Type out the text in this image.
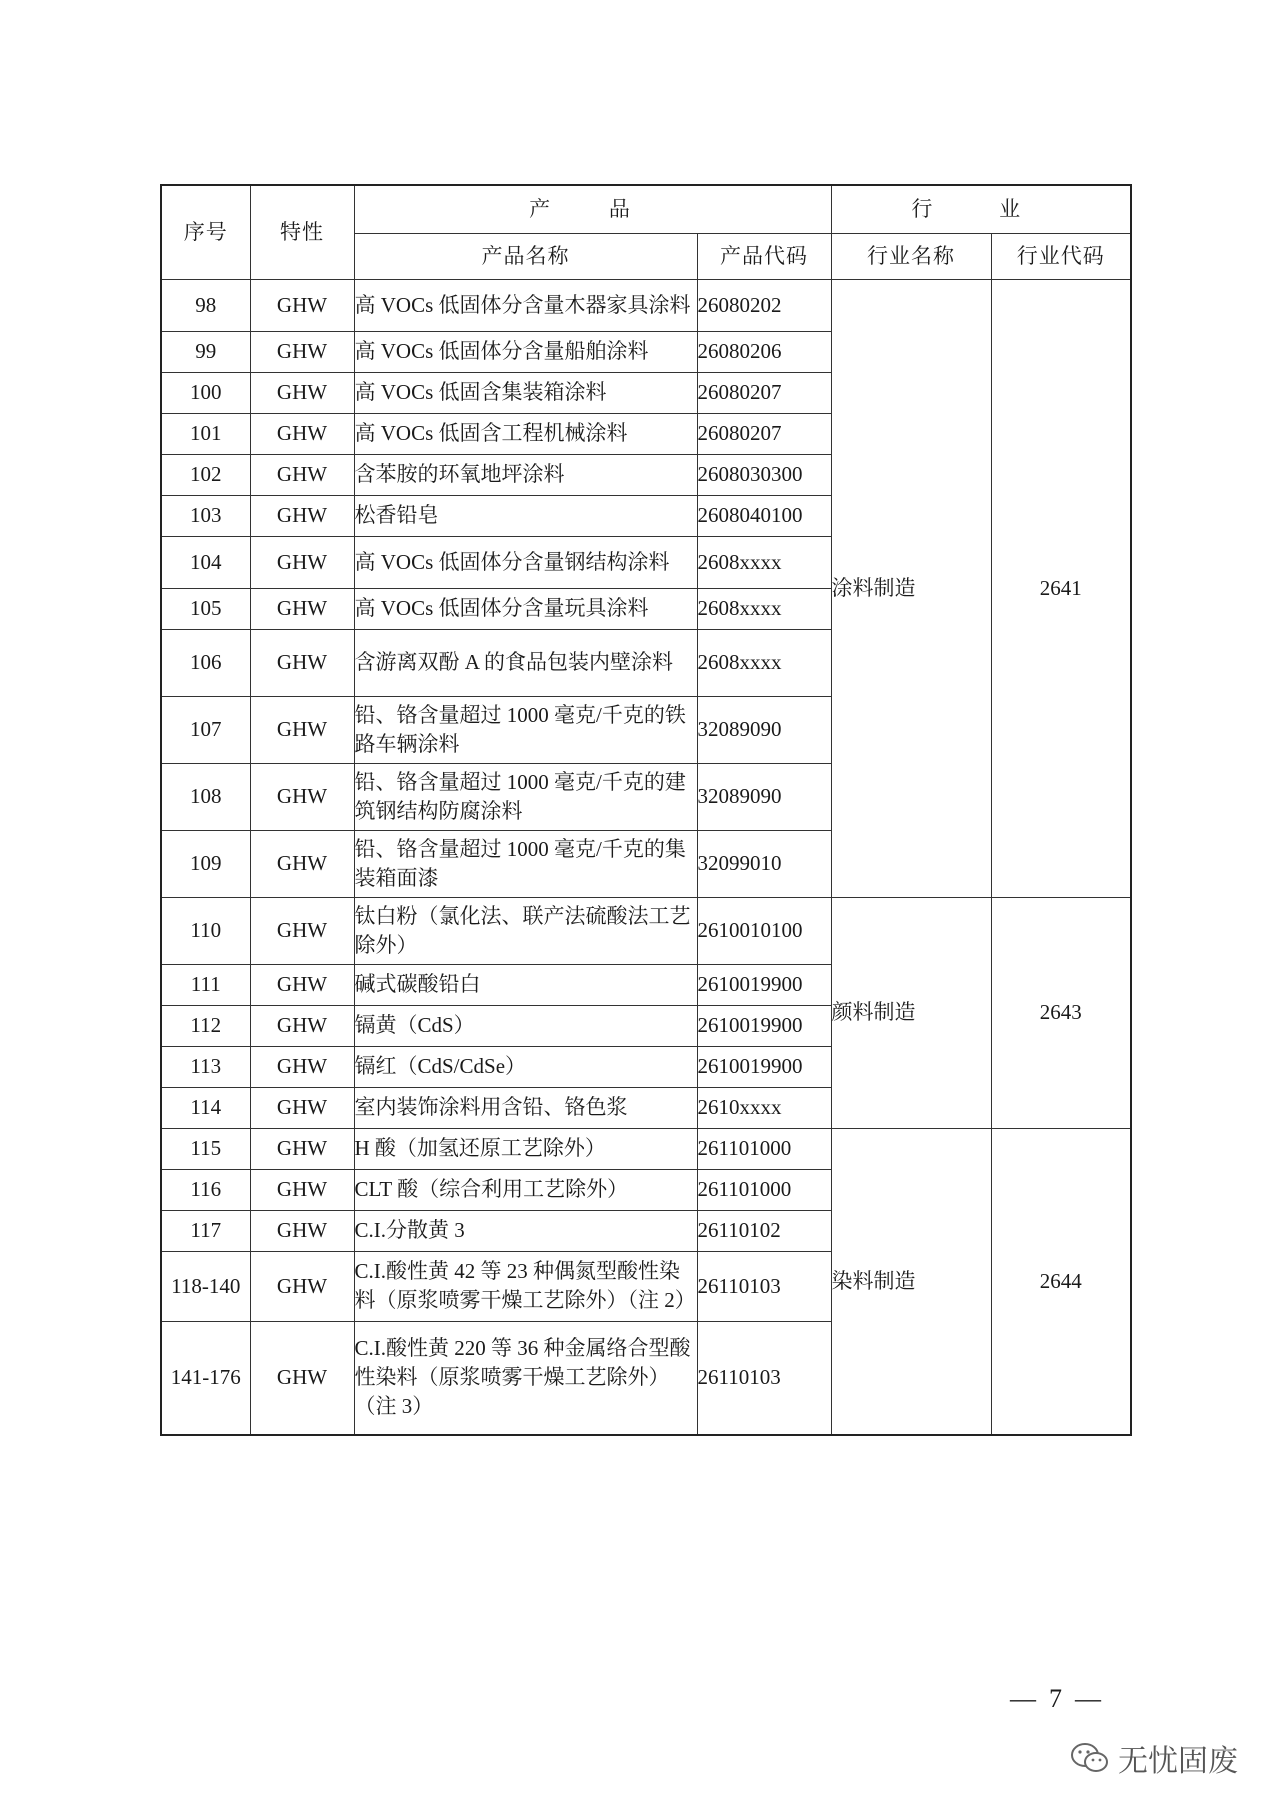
序号	特性	产 品		行 业	
		产品名称	产品代码	行业名称	行业代码
98	GHW	高 VOCs 低固体分含量木器家具涂料	26080202	涂料制造	2641
99	GHW	高 VOCs 低固体分含量船舶涂料	26080206		
100	GHW	高 VOCs 低固含集装箱涂料	26080207		
101	GHW	高 VOCs 低固含工程机械涂料	26080207		
102	GHW	含苯胺的环氧地坪涂料	2608030300		
103	GHW	松香铅皂	2608040100		
104	GHW	高 VOCs 低固体分含量钢结构涂料	2608xxxx		
105	GHW	高 VOCs 低固体分含量玩具涂料	2608xxxx		
106	GHW	含游离双酚 A 的食品包装内壁涂料	2608xxxx		
107	GHW	铅、铬含量超过 1000 毫克/千克的铁路车辆涂料	32089090		
108	GHW	铅、铬含量超过 1000 毫克/千克的建筑钢结构防腐涂料	32089090		
109	GHW	铅、铬含量超过 1000 毫克/千克的集装箱面漆	32099010		
110	GHW	钛白粉（氯化法、联产法硫酸法工艺除外）	2610010100	颜料制造	2643
111	GHW	碱式碳酸铅白	2610019900		
112	GHW	镉黄（CdS）	2610019900		
113	GHW	镉红（CdS/CdSe）	2610019900		
114	GHW	室内装饰涂料用含铅、铬色浆	2610xxxx		
115	GHW	H 酸（加氢还原工艺除外）	261101000	染料制造	2644
116	GHW	CLT 酸（综合利用工艺除外）	261101000		
117	GHW	C.I.分散黄 3	26110102		
118-140	GHW	C.I.酸性黄 42 等 23 种偶氮型酸性染料（原浆喷雾干燥工艺除外）（注 2）	26110103		
141-176	GHW	C.I.酸性黄 220 等 36 种金属络合型酸性染料（原浆喷雾干燥工艺除外）（注 3）	26110103		
—  7  —
无忧固废
